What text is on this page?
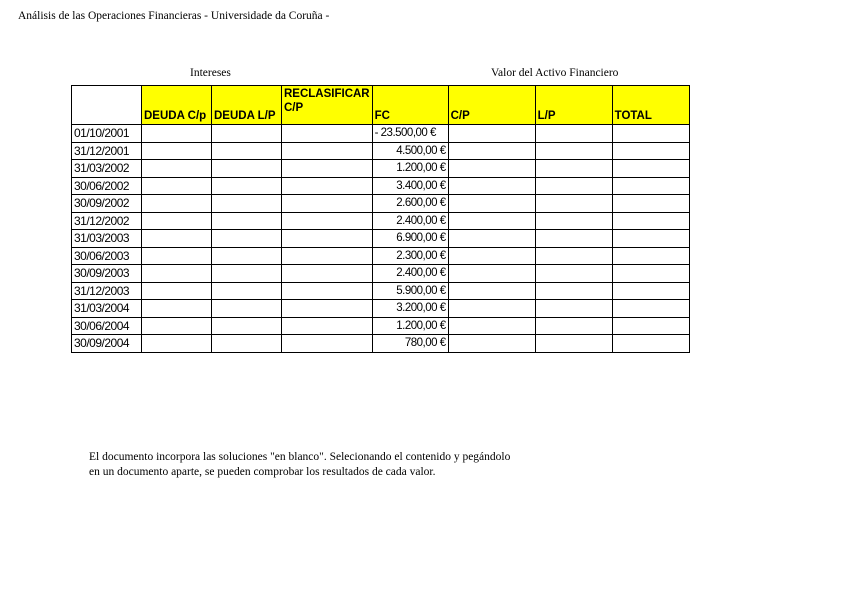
Análisis de las Operaciones Financieras - Universidade da Coruña -
Intereses	Valor del Activo Financiero
	DEUDA C/p	DEUDA L/P	RECLASIFICAR C/P	FC	C/P	L/P	TOTAL
01/10/2001				- 23.500,00 €			
31/12/2001				4.500,00 €			
31/03/2002				1.200,00 €			
30/06/2002				3.400,00 €			
30/09/2002				2.600,00 €			
31/12/2002				2.400,00 €			
31/03/2003				6.900,00 €			
30/06/2003				2.300,00 €			
30/09/2003				2.400,00 €			
31/12/2003				5.900,00 €			
31/03/2004				3.200,00 €			
30/06/2004				1.200,00 €			
30/09/2004				780,00 €			
El documento incorpora las soluciones "en blanco". Selecionando el contenido y pegándolo
en un documento aparte, se pueden comprobar los resultados de cada valor.
